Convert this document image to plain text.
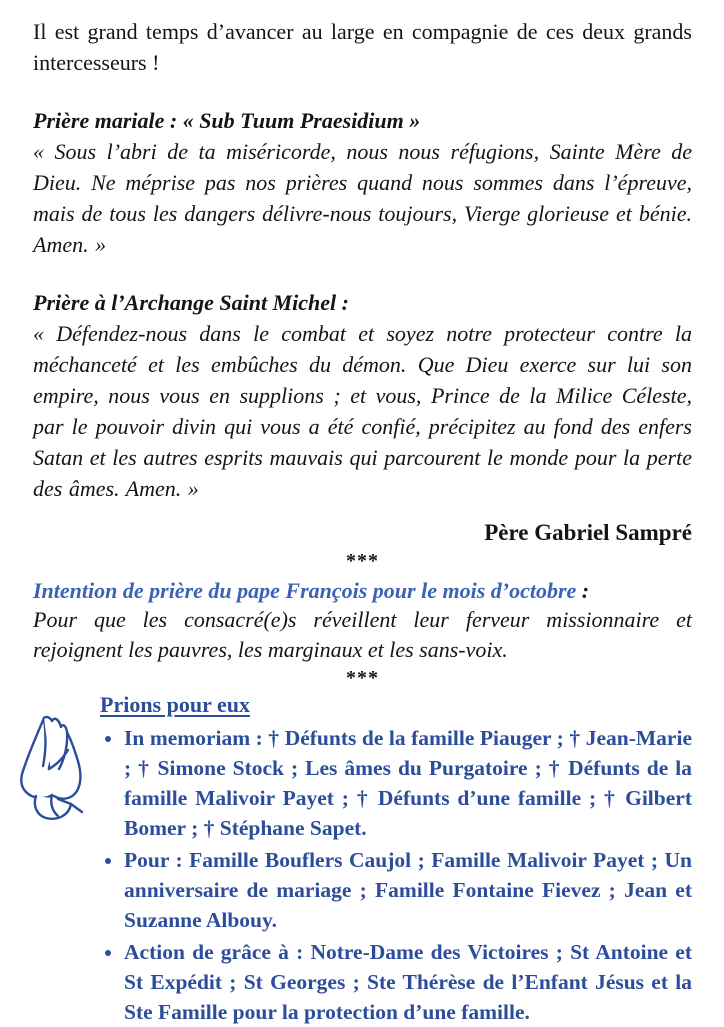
Il est grand temps d’avancer au large en compagnie de ces deux grands intercesseurs !

Prière mariale : « Sub Tuum Praesidium »

« Sous l’abri de ta miséricorde, nous nous réfugions, Sainte Mère de Dieu. Ne méprise pas nos prières quand nous sommes dans l’épreuve, mais de tous les dangers délivre-nous toujours, Vierge glorieuse et bénie. Amen. »

Prière à l’Archange Saint Michel :

« Défendez-nous dans le combat et soyez notre protecteur contre la méchanceté et les embûches du démon. Que Dieu exerce sur lui son empire, nous vous en supplions ; et vous, Prince de la Milice Céleste, par le pouvoir divin qui vous a été confié, précipitez au fond des enfers Satan et les autres esprits mauvais qui parcourent le monde pour la perte des âmes. Amen. »

Père Gabriel Sampré

***

Intention de prière du pape François pour le mois d’octobre :

Pour que les consacré(e)s réveillent leur ferveur missionnaire et rejoignent les pauvres, les marginaux et les sans-voix.

***

Prions pour eux
• In memoriam : † Défunts de la famille Piauger ; † Jean-Marie ; † Simone Stock ; Les âmes du Purgatoire ; † Défunts de la famille Malivoir Payet ; † Défunts d’une famille ; † Gilbert Bomer ; † Stéphane Sapet.
• Pour : Famille Bouflers Caujol ; Famille Malivoir Payet ; Un anniversaire de mariage ; Famille Fontaine Fievez ; Jean et Suzanne Albouy.
• Action de grâce à : Notre-Dame des Victoires ; St Antoine et St Expédit ; St Georges ; Ste Thérèse de l’Enfant Jésus et la Ste Famille pour la protection d’une famille.
